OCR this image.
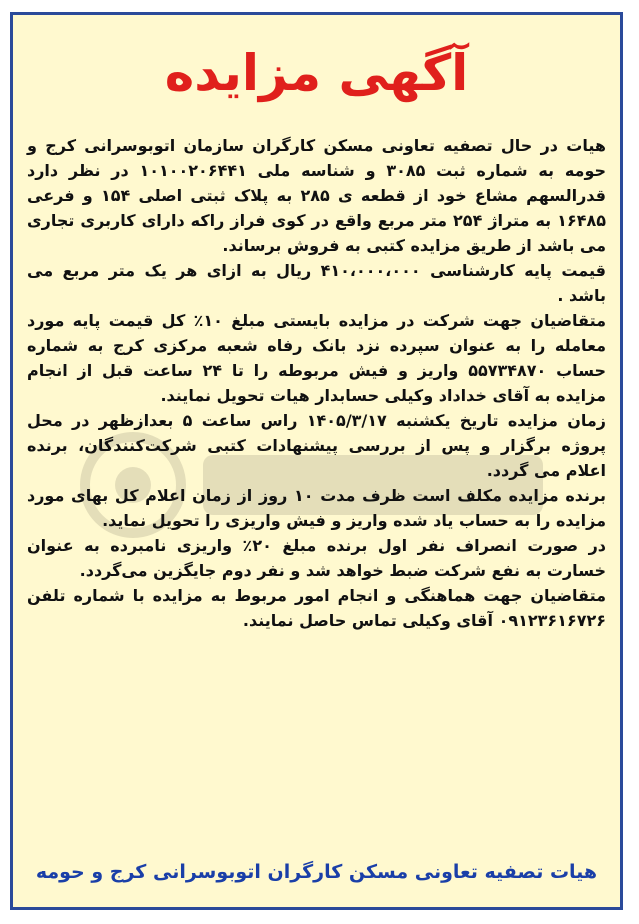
آگهی مزایده

هیات در حال تصفیه تعاونی مسکن کارگران سازمان اتوبوسرانی کرج و حومه به شماره ثبت ۳۰۸۵ و شناسه ملی ۱۰۱۰۰۲۰۶۴۴۱ در نظر دارد قدرالسهم مشاع خود از قطعه ی ۲۸۵ به پلاک ثبتی اصلی ۱۵۴ و فرعی ۱۶۴۸۵ به متراژ ۲۵۴ متر مربع واقع در کوی فراز راکه دارای کاربری تجاری می باشد از طریق مزایده کتبی به فروش برساند.

قیمت پایه کارشناسی ۴۱۰،۰۰۰،۰۰۰ ریال به ازای هر یک متر مربع می باشد .

متقاضیان جهت شرکت در مزایده بایستی مبلغ ۱۰٪ کل قیمت پایه مورد معامله را به عنوان سپرده نزد بانک رفاه شعبه مرکزی کرج به شماره حساب ۵۵۷۳۴۸۷۰ واریز و فیش مربوطه را تا ۲۴ ساعت قبل از انجام مزایده به آقای خداداد وکیلی حسابدار هیات تحویل نمایند.

زمان مزایده تاریخ یکشنبه ۱۴۰۵/۳/۱۷ راس ساعت ۵ بعدازظهر در محل پروژه برگزار و پس از بررسی پیشنهادات کتبی شرکت‌کنندگان، برنده اعلام می گردد.

برنده مزایده مکلف است ظرف مدت ۱۰ روز از زمان اعلام کل بهای مورد مزایده را به حساب یاد شده واریز و فیش واریزی را تحویل نماید.

در صورت انصراف نفر اول برنده مبلغ ۲۰٪ واریزی نامبرده به عنوان خسارت به نفع شرکت ضبط خواهد شد و نفر دوم جایگزین می‌گردد.

متقاضیان جهت هماهنگی و انجام امور مربوط به مزایده با شماره تلفن ۰۹۱۲۳۶۱۶۷۲۶ آقای وکیلی تماس حاصل نمایند.

هیات تصفیه تعاونی مسکن کارگران اتوبوسرانی کرج و حومه
